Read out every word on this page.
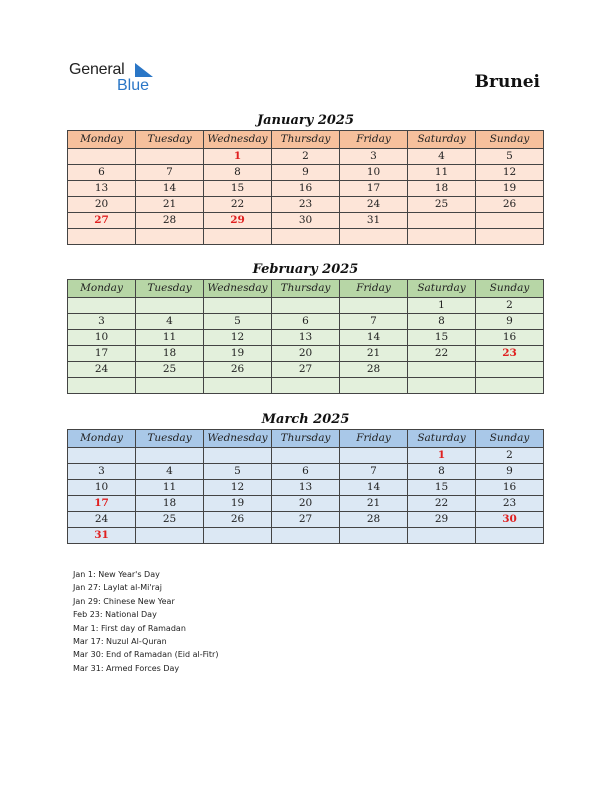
General
Blue	Brunei
January 2025
Monday	Tuesday	Wednesday	Thursday	Friday	Saturday	Sunday
		1	2	3	4	5
6	7	8	9	10	11	12
13	14	15	16	17	18	19
20	21	22	23	24	25	26
27	28	29	30	31		

February 2025
Monday	Tuesday	Wednesday	Thursday	Friday	Saturday	Sunday
					1	2
3	4	5	6	7	8	9
10	11	12	13	14	15	16
17	18	19	20	21	22	23
24	25	26	27	28		

March 2025
Monday	Tuesday	Wednesday	Thursday	Friday	Saturday	Sunday
					1	2
3	4	5	6	7	8	9
10	11	12	13	14	15	16
17	18	19	20	21	22	23
24	25	26	27	28	29	30
31						
Jan 1: New Year's Day
Jan 27: Laylat al-Mi'raj
Jan 29: Chinese New Year
Feb 23: National Day
Mar 1: First day of Ramadan
Mar 17: Nuzul Al-Quran
Mar 30: End of Ramadan (Eid al-Fitr)
Mar 31: Armed Forces Day
